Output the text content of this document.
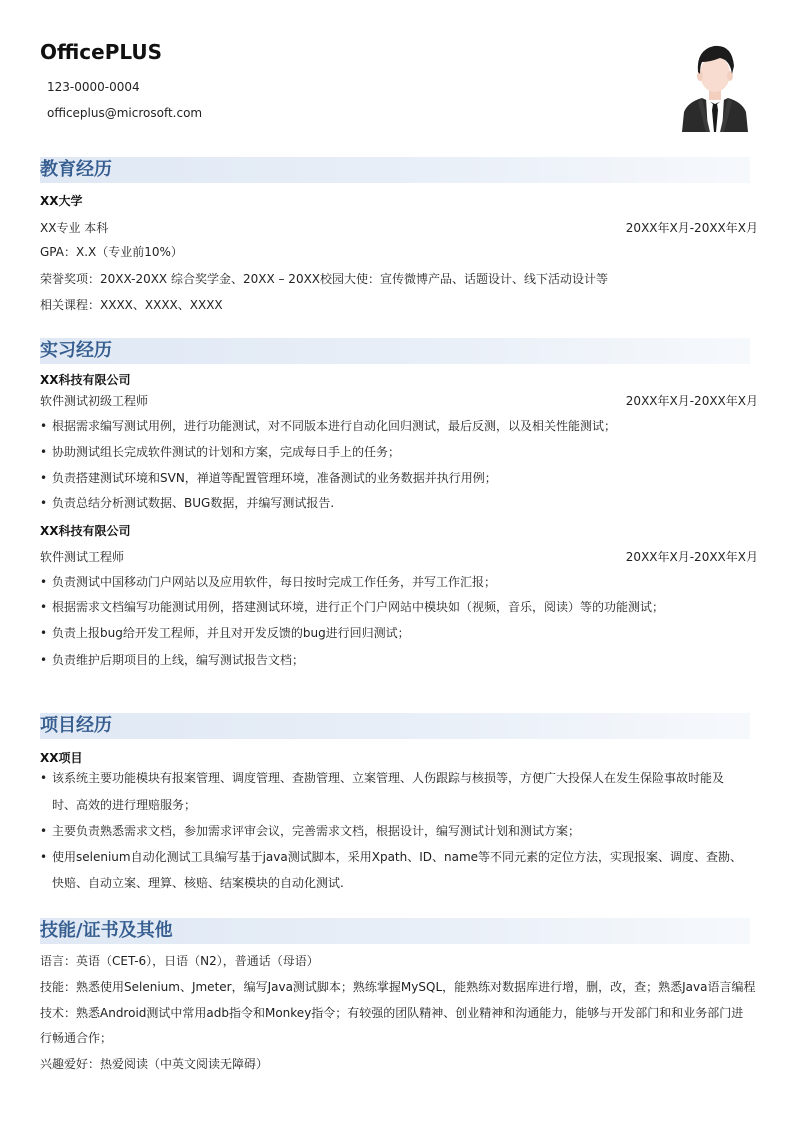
OfficePLUS
123-0000-0004
officeplus@microsoft.com
教育经历
XX大学
XX专业 本科	20XX年X月-20XX年X月
GPA：X.X（专业前10%）
荣誉奖项：20XX-20XX 综合奖学金、20XX – 20XX校园大使：宣传微博产品、话题设计、线下活动设计等
相关课程：XXXX、XXXX、XXXX
实习经历
XX科技有限公司
软件测试初级工程师	20XX年X月-20XX年X月
• 根据需求编写测试用例，进行功能测试，对不同版本进行自动化回归测试，最后反测，以及相关性能测试；
• 协助测试组长完成软件测试的计划和方案，完成每日手上的任务；
• 负责搭建测试环境和SVN，禅道等配置管理环境，准备测试的业务数据并执行用例；
• 负责总结分析测试数据、BUG数据，并编写测试报告.
XX科技有限公司
软件测试工程师	20XX年X月-20XX年X月
• 负责测试中国移动门户网站以及应用软件，每日按时完成工作任务，并写工作汇报；
• 根据需求文档编写功能测试用例，搭建测试环境，进行正个门户网站中模块如（视频，音乐，阅读）等的功能测试；
• 负责上报bug给开发工程师，并且对开发反馈的bug进行回归测试；
• 负责维护后期项目的上线，编写测试报告文档；
项目经历
XX项目
• 该系统主要功能模块有报案管理、调度管理、查勘管理、立案管理、人伤跟踪与核损等，方便广大投保人在发生保险事故时能及
时、高效的进行理赔服务；
• 主要负责熟悉需求文档，参加需求评审会议，完善需求文档，根据设计，编写测试计划和测试方案；
• 使用selenium自动化测试工具编写基于java测试脚本，采用Xpath、ID、name等不同元素的定位方法，实现报案、调度、查勘、
快赔、自动立案、理算、核赔、结案模块的自动化测试.
技能/证书及其他
语言：英语（CET-6），日语（N2），普通话（母语）
技能：熟悉使用Selenium、Jmeter，编写Java测试脚本；熟练掌握MySQL，能熟练对数据库进行增，删，改，查；熟悉Java语言编程
技术：熟悉Android测试中常用adb指令和Monkey指令；有较强的团队精神、创业精神和沟通能力，能够与开发部门和和业务部门进
行畅通合作；
兴趣爱好：热爱阅读（中英文阅读无障碍）
